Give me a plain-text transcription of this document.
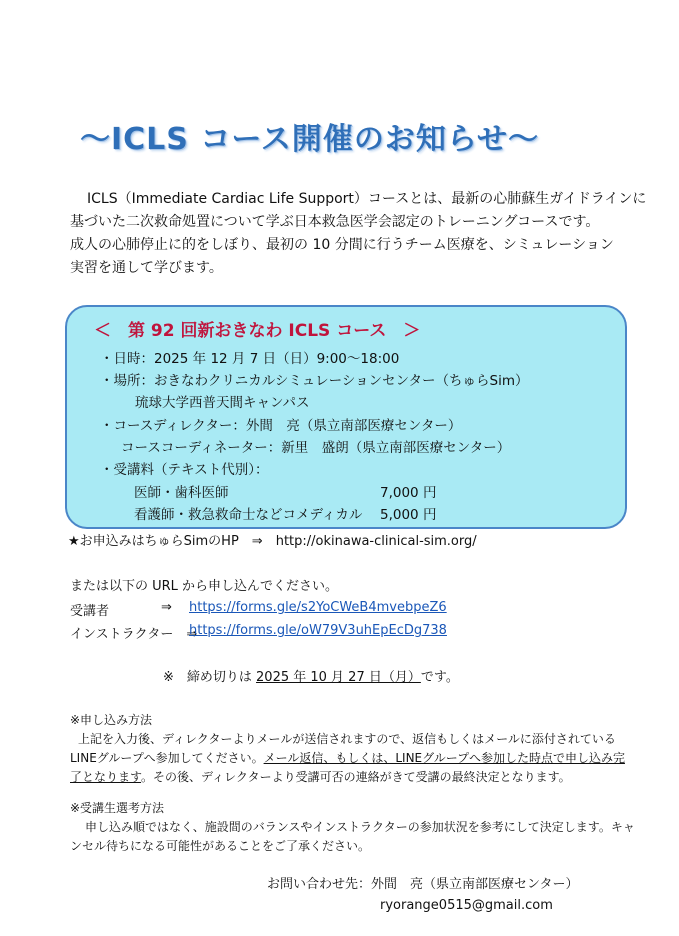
〜ICLS コース開催のお知らせ〜
ICLS（Immediate Cardiac Life Support）コースとは、最新の心肺蘇生ガイドラインに
基づいた二次救命処置について学ぶ日本救急医学会認定のトレーニングコースです。
成人の心肺停止に的をしぼり、最初の 10 分間に行うチーム医療を、シミュレーション
実習を通して学びます。
＜　第 92 回新おきなわ ICLS コース　＞
・日時：2025 年 12 月 7 日（日）9:00〜18:00
・場所：おきなわクリニカルシミュレーションセンター（ちゅらSim）
琉球大学西普天間キャンパス
・コースディレクター：外間　亮（県立南部医療センター）
コースコーディネーター：新里　盛朗（県立南部医療センター）
・受講料（テキスト代別）：
医師・歯科医師	7,000 円
看護師・救急救命士などコメディカル 5,000 円
★お申込みはちゅらSimのHP　⇒　http://okinawa-clinical-sim.org/
または以下の URL から申し込んでください。
受講者	⇒ https://forms.gle/s2YoCWeB4mvebpeZ6
インストラクター　⇒
https://forms.gle/oW79V3uhEpEcDg738
※　締め切りは 2025 年 10 月 27 日（月）です。
※申し込み方法
上記を入力後、ディレクターよりメールが送信されますので、返信もしくはメールに添付されている
LINEグループへ参加してください。メール返信、もしくは、LINEグループへ参加した時点で申し込み完
了となります。その後、ディレクターより受講可否の連絡がきて受講の最終決定となります。
※受講生選考方法
申し込み順ではなく、施設間のバランスやインストラクターの参加状況を参考にして決定します。キャ
ンセル待ちになる可能性があることをご了承ください。
お問い合わせ先：外間　亮（県立南部医療センター）
ryorange0515@gmail.com
